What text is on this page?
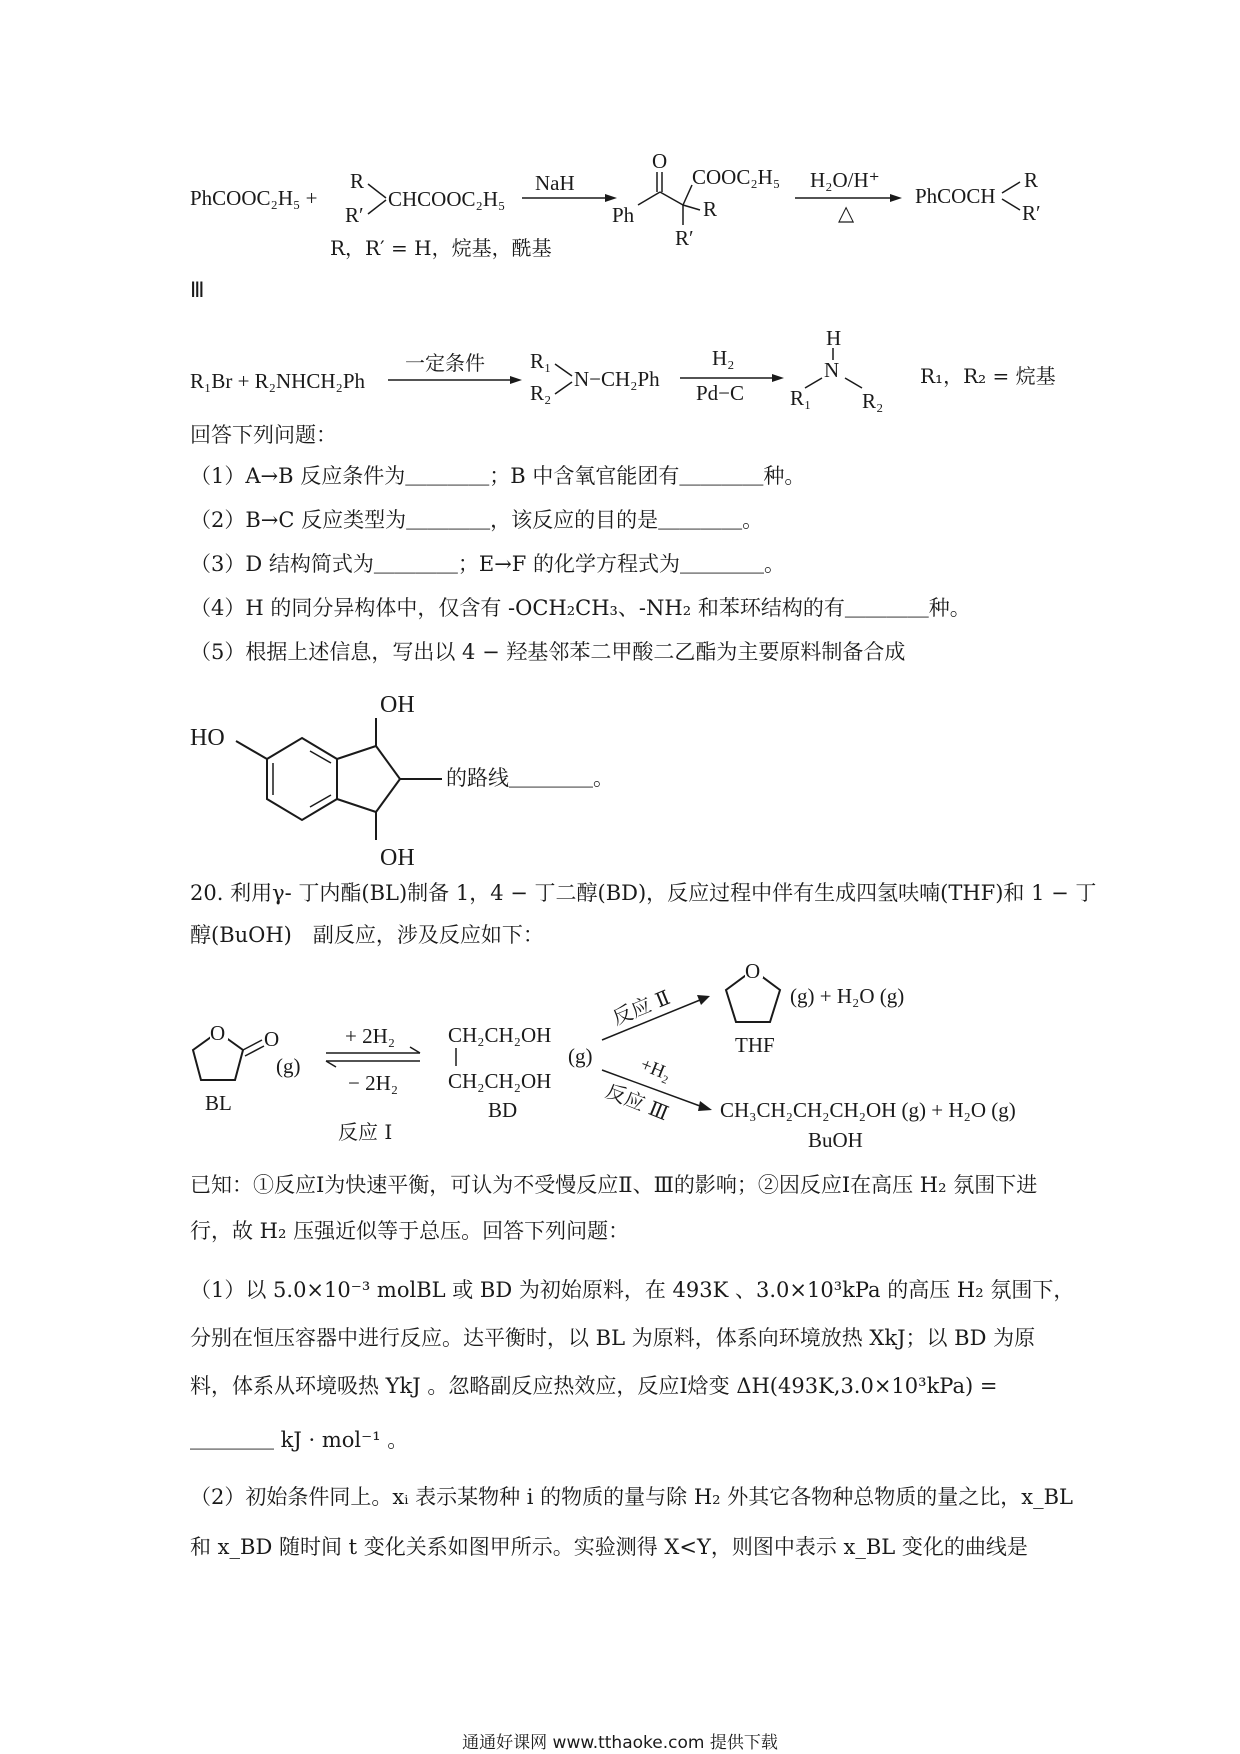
PhCOOC₂H₅ +
R
R′
CHCOOC₂H₅
NaH
O
COOC₂H₅
Ph	R
R′
H₂O/H⁺
△
PhCOCH
R
R′
R，R′ = H，烷基，酰基
Ⅲ
R₁Br + R₂NHCH₂Ph
一定条件 R₁
R₂
N−CH₂Ph
H₂
Pd−C
H
N
R₁ R₂
R₁，R₂ = 烷基
HO
OH
OH
O O
(g)
BL
+ 2H₂
− 2H₂
反应 Ⅰ
CH₂CH₂OH
CH₂CH₂OH
(g)
BD
反应 Ⅱ
O
(g) + H₂O (g)
THF
+H₂
反应 Ⅲ CH₃CH₂CH₂CH₂OH (g) + H₂O (g)
BuOH
回答下列问题：
（1）A→B 反应条件为＿＿＿＿；B 中含氧官能团有＿＿＿＿种。
（2）B→C 反应类型为＿＿＿＿，该反应的目的是＿＿＿＿。
（3）D 结构简式为＿＿＿＿；E→F 的化学方程式为＿＿＿＿。
（4）H 的同分异构体中，仅含有 -OCH₂CH₃、-NH₂ 和苯环结构的有＿＿＿＿种。
（5）根据上述信息，写出以 4 − 羟基邻苯二甲酸二乙酯为主要原料制备合成
的路线＿＿＿＿。
20. 利用γ- 丁内酯(BL)制备 1，4 − 丁二醇(BD)，反应过程中伴有生成四氢呋喃(THF)和 1 − 丁
醇(BuOH)　副反应，涉及反应如下：
已知：①反应Ⅰ为快速平衡，可认为不受慢反应Ⅱ、Ⅲ的影响；②因反应Ⅰ在高压 H₂ 氛围下进
行，故 H₂ 压强近似等于总压。回答下列问题：
（1）以 5.0×10⁻³ molBL 或 BD 为初始原料，在 493K 、3.0×10³kPa 的高压 H₂ 氛围下，
分别在恒压容器中进行反应。达平衡时，以 BL 为原料，体系向环境放热 XkJ；以 BD 为原
料，体系从环境吸热 YkJ 。忽略副反应热效应，反应Ⅰ焓变 ΔH(493K,3.0×10³kPa) =
＿＿＿＿ kJ · mol⁻¹ 。
（2）初始条件同上。xᵢ 表示某物种 i 的物质的量与除 H₂ 外其它各物种总物质的量之比，x_BL
和 x_BD 随时间 t 变化关系如图甲所示。实验测得 X<Y，则图中表示 x_BL 变化的曲线是
通通好课网 www.tthaoke.com 提供下载
